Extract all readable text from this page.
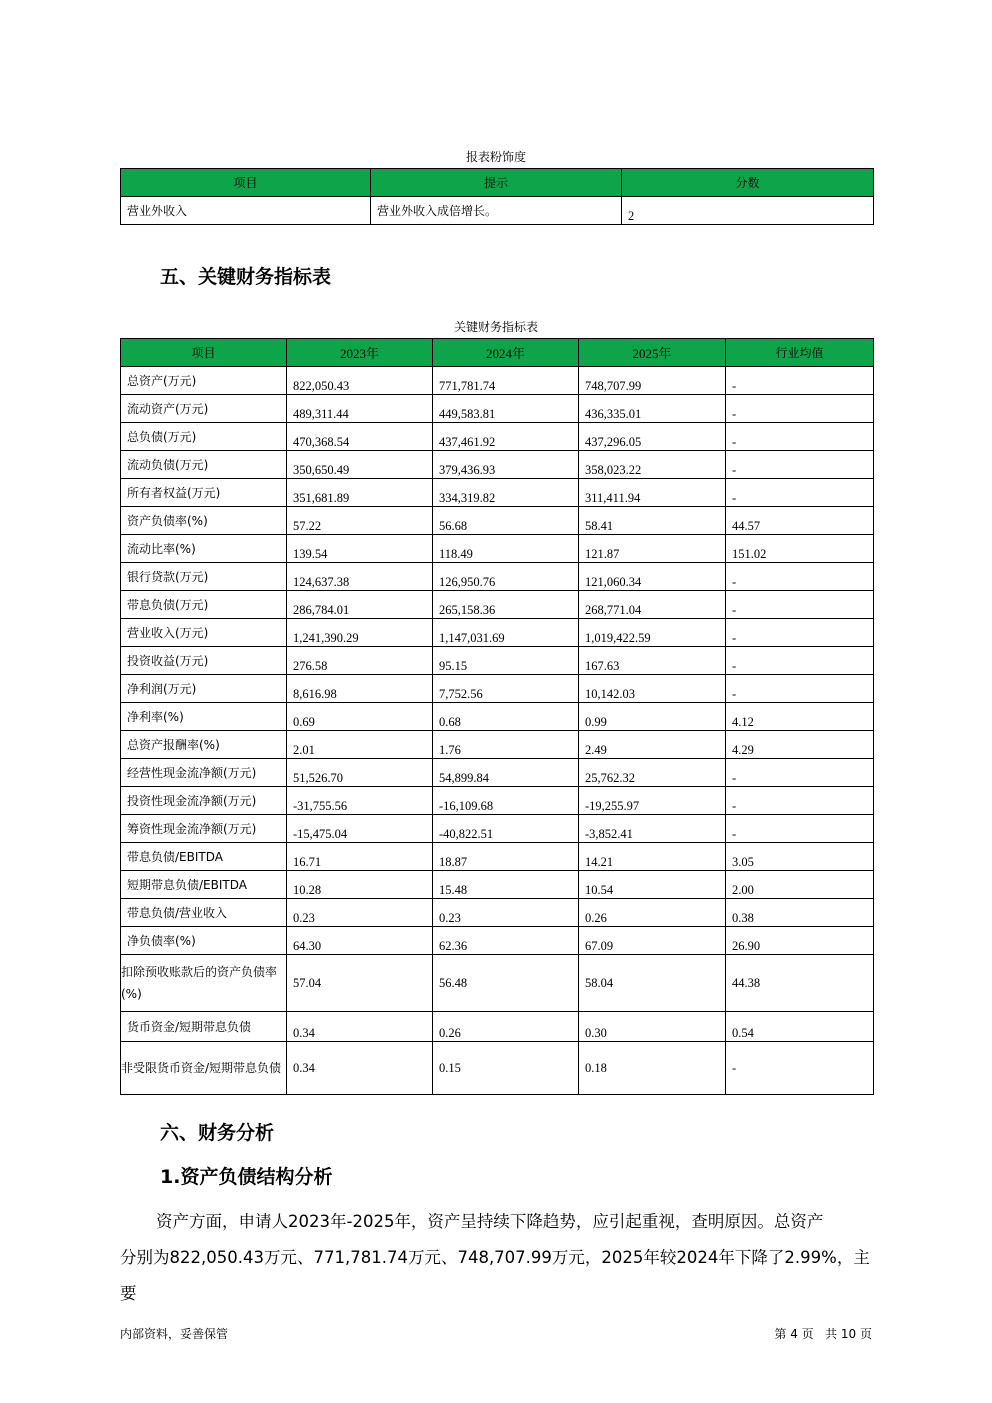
报表粉饰度
项目	提示	分数
营业外收入	营业外收入成倍增长。	2
五、关键财务指标表
关键财务指标表
项目	2023年	2024年	2025年	行业均值
总资产(万元)	822,050.43	771,781.74	748,707.99	-
流动资产(万元)	489,311.44	449,583.81	436,335.01	-
总负债(万元)	470,368.54	437,461.92	437,296.05	-
流动负债(万元)	350,650.49	379,436.93	358,023.22	-
所有者权益(万元)	351,681.89	334,319.82	311,411.94	-
资产负债率(%)	57.22	56.68	58.41	44.57
流动比率(%)	139.54	118.49	121.87	151.02
银行贷款(万元)	124,637.38	126,950.76	121,060.34	-
带息负债(万元)	286,784.01	265,158.36	268,771.04	-
营业收入(万元)	1,241,390.29	1,147,031.69	1,019,422.59	-
投资收益(万元)	276.58	95.15	167.63	-
净利润(万元)	8,616.98	7,752.56	10,142.03	-
净利率(%)	0.69	0.68	0.99	4.12
总资产报酬率(%)	2.01	1.76	2.49	4.29
经营性现金流净额(万元)	51,526.70	54,899.84	25,762.32	-
投资性现金流净额(万元)	-31,755.56	-16,109.68	-19,255.97	-
筹资性现金流净额(万元)	-15,475.04	-40,822.51	-3,852.41	-
带息负债/EBITDA	16.71	18.87	14.21	3.05
短期带息负债/EBITDA	10.28	15.48	10.54	2.00
带息负债/营业收入	0.23	0.23	0.26	0.38
净负债率(%)	64.30	62.36	67.09	26.90
扣除预收账款后的资产负债率(%)	57.04	56.48	58.04	44.38
货币资金/短期带息负债	0.34	0.26	0.30	0.54
非受限货币资金/短期带息负债	0.34	0.15	0.18	-
六、财务分析
1.资产负债结构分析
资产方面，申请人2023年-2025年，资产呈持续下降趋势，应引起重视，查明原因。总资产
分别为822,050.43万元、771,781.74万元、748,707.99万元，2025年较2024年下降了2.99%，主要
内部资料，妥善保管	第 4 页   共 10 页
